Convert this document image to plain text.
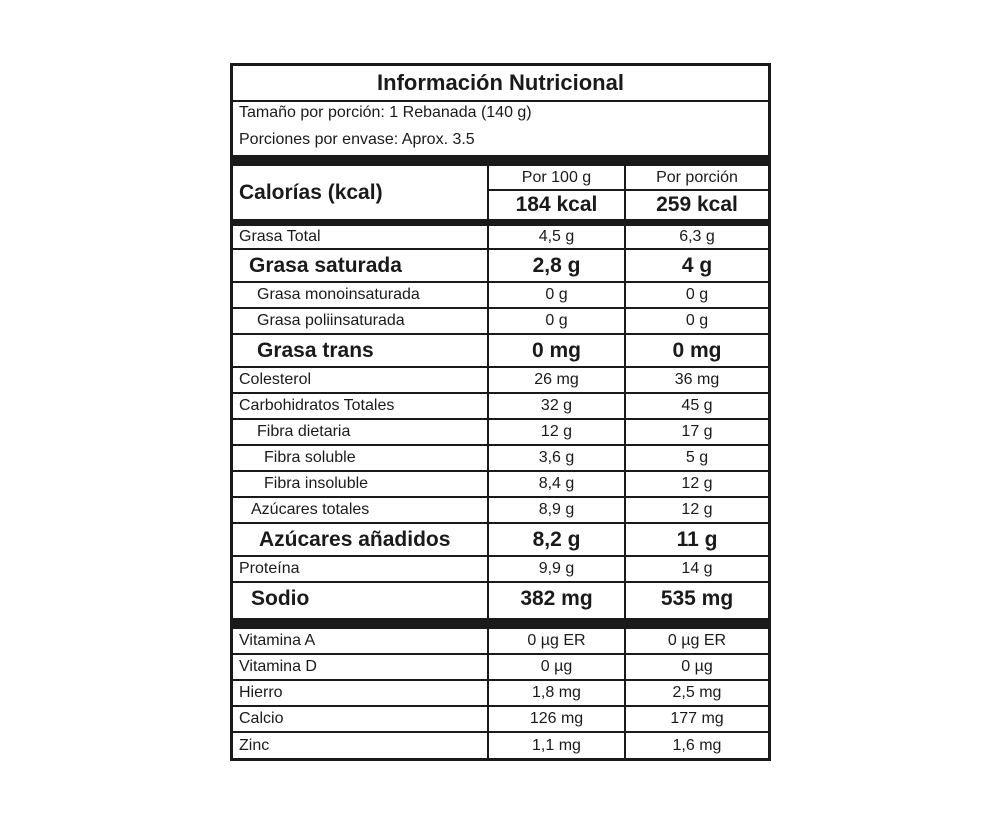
Información Nutricional
Tamaño por porción: 1 Rebanada (140 g)
Porciones por envase: Aprox. 3.5
Calorías (kcal)
Por 100 g	Por porción
184 kcal	259 kcal
Grasa Total	4,5 g	6,3 g
Grasa saturada	2,8 g	4 g
Grasa monoinsaturada	0 g	0 g
Grasa poliinsaturada	0 g	0 g
Grasa trans	0 mg	0 mg
Colesterol	26 mg	36 mg
Carbohidratos Totales	32 g	45 g
Fibra dietaria	12 g	17 g
Fibra soluble	3,6 g	5 g
Fibra insoluble	8,4 g	12 g
Azúcares totales	8,9 g	12 g
Azúcares añadidos	8,2 g	11 g
Proteína	9,9 g	14 g
Sodio	382 mg	535 mg
Vitamina A	0 µg ER	0 µg ER
Vitamina D	0 µg	0 µg
Hierro	1,8 mg	2,5 mg
Calcio	126 mg	177 mg
Zinc	1,1 mg	1,6 mg
